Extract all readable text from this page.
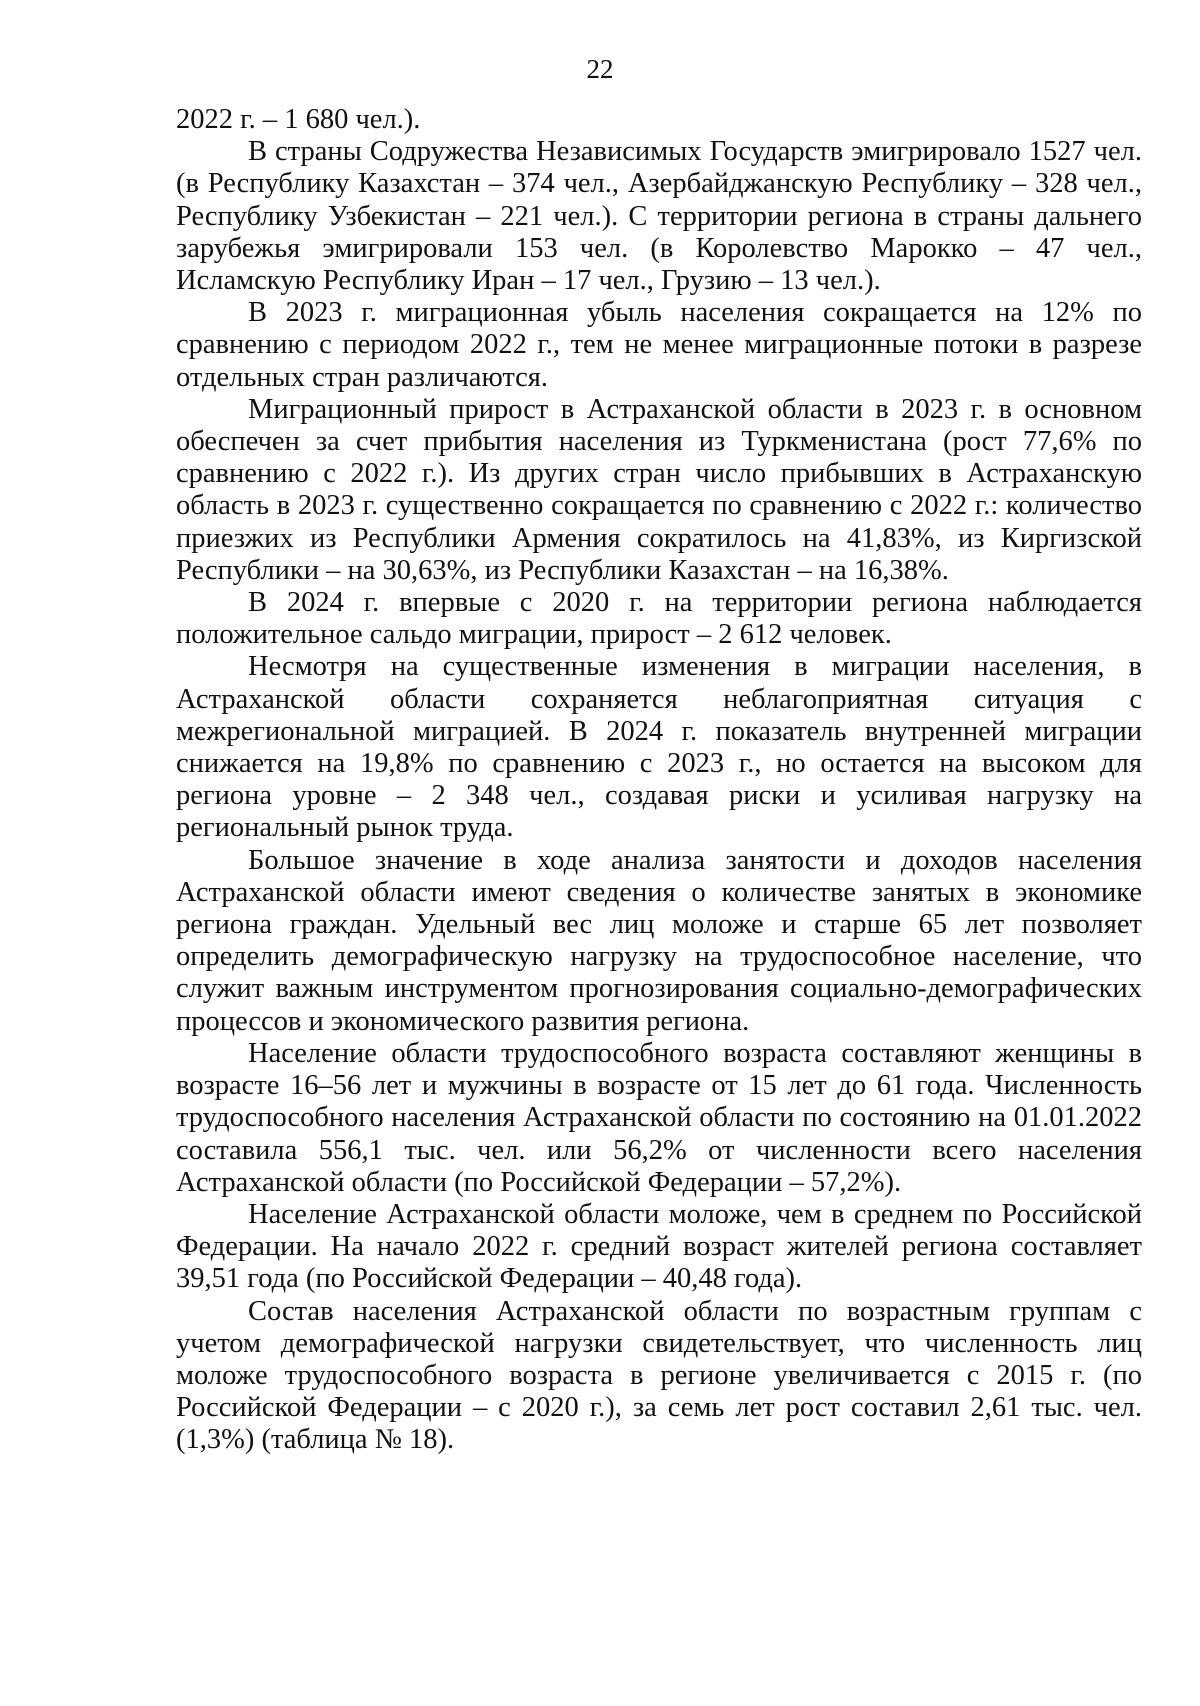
22

2022 г. – 1 680 чел.).

В страны Содружества Независимых Государств эмигрировало 1527 чел. (в Республику Казахстан – 374 чел., Азербайджанскую Республику – 328 чел., Республику Узбекистан – 221 чел.). С территории региона в страны дальнего зарубежья эмигрировали 153 чел. (в Королевство Марокко – 47 чел., Исламскую Республику Иран – 17 чел., Грузию – 13 чел.).

В 2023 г. миграционная убыль населения сокращается на 12% по сравнению с периодом 2022 г., тем не менее миграционные потоки в разрезе отдельных стран различаются.

Миграционный прирост в Астраханской области в 2023 г. в основном обеспечен за счет прибытия населения из Туркменистана (рост 77,6% по сравнению с 2022 г.). Из других стран число прибывших в Астраханскую область в 2023 г. существенно сокращается по сравнению с 2022 г.: количество приезжих из Республики Армения сократилось на 41,83%, из Киргизской Республики – на 30,63%, из Республики Казахстан – на 16,38%.

В 2024 г. впервые с 2020 г. на территории региона наблюдается положительное сальдо миграции, прирост – 2 612 человек.

Несмотря на существенные изменения в миграции населения, в Астраханской области сохраняется неблагоприятная ситуация с межрегиональной миграцией. В 2024 г. показатель внутренней миграции снижается на 19,8% по сравнению с 2023 г., но остается на высоком для региона уровне – 2 348 чел., создавая риски и усиливая нагрузку на региональный рынок труда.

Большое значение в ходе анализа занятости и доходов населения Астраханской области имеют сведения о количестве занятых в экономике региона граждан. Удельный вес лиц моложе и старше 65 лет позволяет определить демографическую нагрузку на трудоспособное население, что служит важным инструментом прогнозирования социально-демографических процессов и экономического развития региона.

Население области трудоспособного возраста составляют женщины в возрасте 16–56 лет и мужчины в возрасте от 15 лет до 61 года. Численность трудоспособного населения Астраханской области по состоянию на 01.01.2022 составила 556,1 тыс. чел. или 56,2% от численности всего населения Астраханской области (по Российской Федерации – 57,2%).

Население Астраханской области моложе, чем в среднем по Российской Федерации. На начало 2022 г. средний возраст жителей региона составляет 39,51 года (по Российской Федерации – 40,48 года).

Состав населения Астраханской области по возрастным группам с учетом демографической нагрузки свидетельствует, что численность лиц моложе трудоспособного возраста в регионе увеличивается с 2015 г. (по Российской Федерации – с 2020 г.), за семь лет рост составил 2,61 тыс. чел. (1,3%) (таблица № 18).
